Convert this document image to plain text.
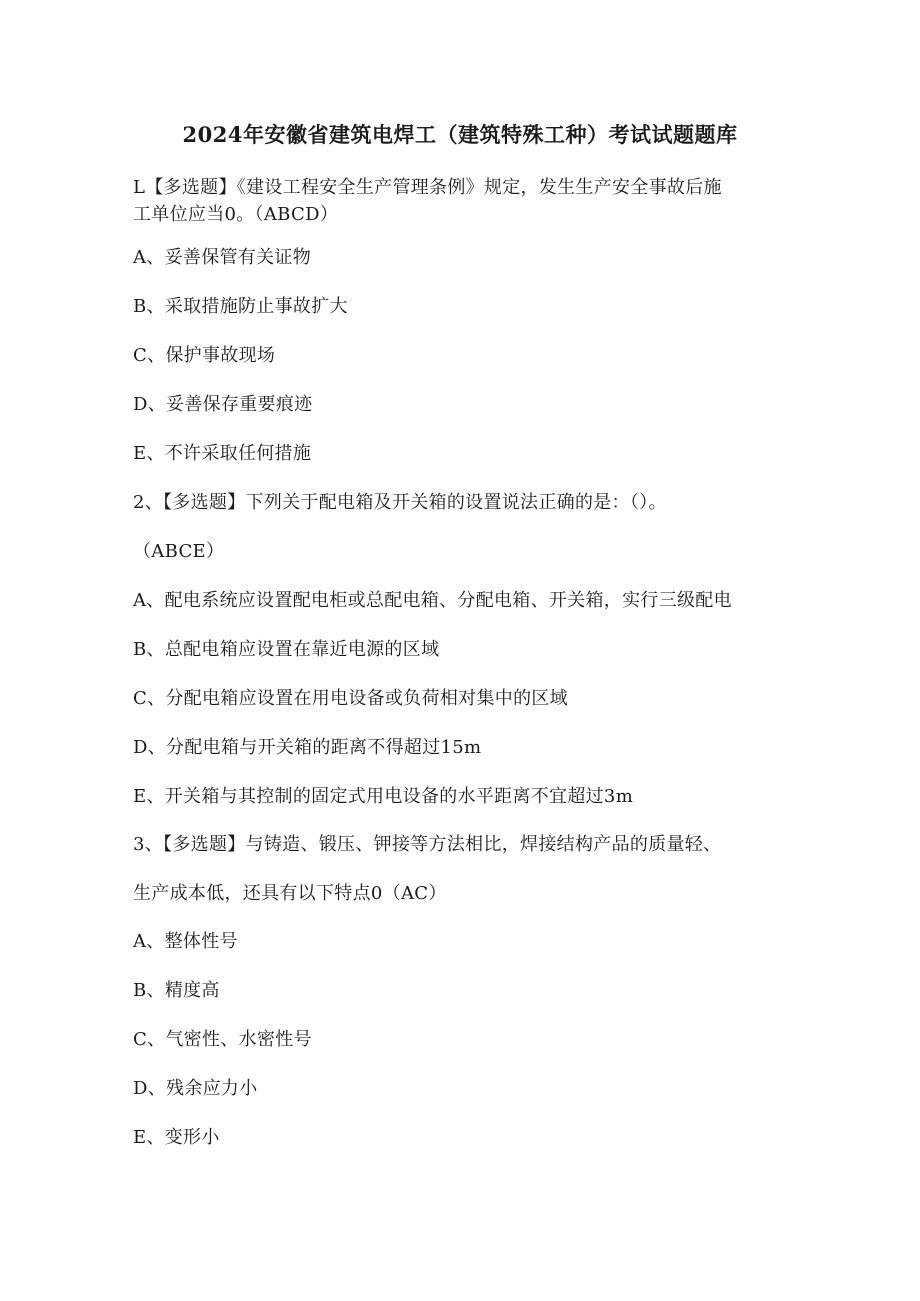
2024年安徽省建筑电焊工（建筑特殊工种）考试试题题库
L【多选题】《建设工程安全生产管理条例》规定，发生生产安全事故后施
工单位应当0。（ABCD）
A、妥善保管有关证物
B、采取措施防止事故扩大
C、保护事故现场
D、妥善保存重要痕迹
E、不许采取任何措施
2、【多选题】下列关于配电箱及开关箱的设置说法正确的是：（）。
（ABCE）
A、配电系统应设置配电柜或总配电箱、分配电箱、开关箱，实行三级配电
B、总配电箱应设置在靠近电源的区域
C、分配电箱应设置在用电设备或负荷相对集中的区域
D、分配电箱与开关箱的距离不得超过15m
E、开关箱与其控制的固定式用电设备的水平距离不宜超过3m
3、【多选题】与铸造、锻压、钾接等方法相比，焊接结构产品的质量轻、
生产成本低，还具有以下特点0（AC）
A、整体性号
B、精度高
C、气密性、水密性号
D、残余应力小
E、变形小
